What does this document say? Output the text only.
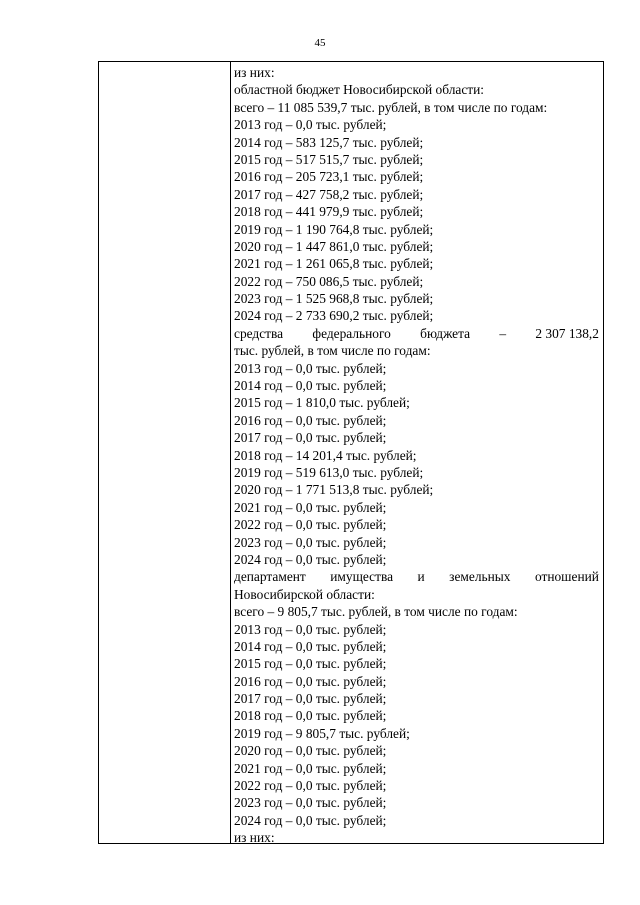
45
из них:
областной бюджет Новосибирской области:
всего – 11 085 539,7 тыс. рублей, в том числе по годам:
2013 год – 0,0 тыс. рублей;
2014 год – 583 125,7 тыс. рублей;
2015 год – 517 515,7 тыс. рублей;
2016 год – 205 723,1 тыс. рублей;
2017 год – 427 758,2 тыс. рублей;
2018 год – 441 979,9 тыс. рублей;
2019 год – 1 190 764,8 тыс. рублей;
2020 год – 1 447 861,0 тыс. рублей;
2021 год – 1 261 065,8 тыс. рублей;
2022 год – 750 086,5 тыс. рублей;
2023 год – 1 525 968,8 тыс. рублей;
2024 год – 2 733 690,2 тыс. рублей;
средства федерального бюджета – 2 307 138,2
тыс. рублей, в том числе по годам:
2013 год – 0,0 тыс. рублей;
2014 год – 0,0 тыс. рублей;
2015 год – 1 810,0 тыс. рублей;
2016 год – 0,0 тыс. рублей;
2017 год – 0,0 тыс. рублей;
2018 год – 14 201,4 тыс. рублей;
2019 год – 519 613,0 тыс. рублей;
2020 год – 1 771 513,8 тыс. рублей;
2021 год – 0,0 тыс. рублей;
2022 год – 0,0 тыс. рублей;
2023 год – 0,0 тыс. рублей;
2024 год – 0,0 тыс. рублей;
департамент имущества и земельных отношений
Новосибирской области:
всего – 9 805,7 тыс. рублей, в том числе по годам:
2013 год – 0,0 тыс. рублей;
2014 год – 0,0 тыс. рублей;
2015 год – 0,0 тыс. рублей;
2016 год – 0,0 тыс. рублей;
2017 год – 0,0 тыс. рублей;
2018 год – 0,0 тыс. рублей;
2019 год – 9 805,7 тыс. рублей;
2020 год – 0,0 тыс. рублей;
2021 год – 0,0 тыс. рублей;
2022 год – 0,0 тыс. рублей;
2023 год – 0,0 тыс. рублей;
2024 год – 0,0 тыс. рублей;
из них:
